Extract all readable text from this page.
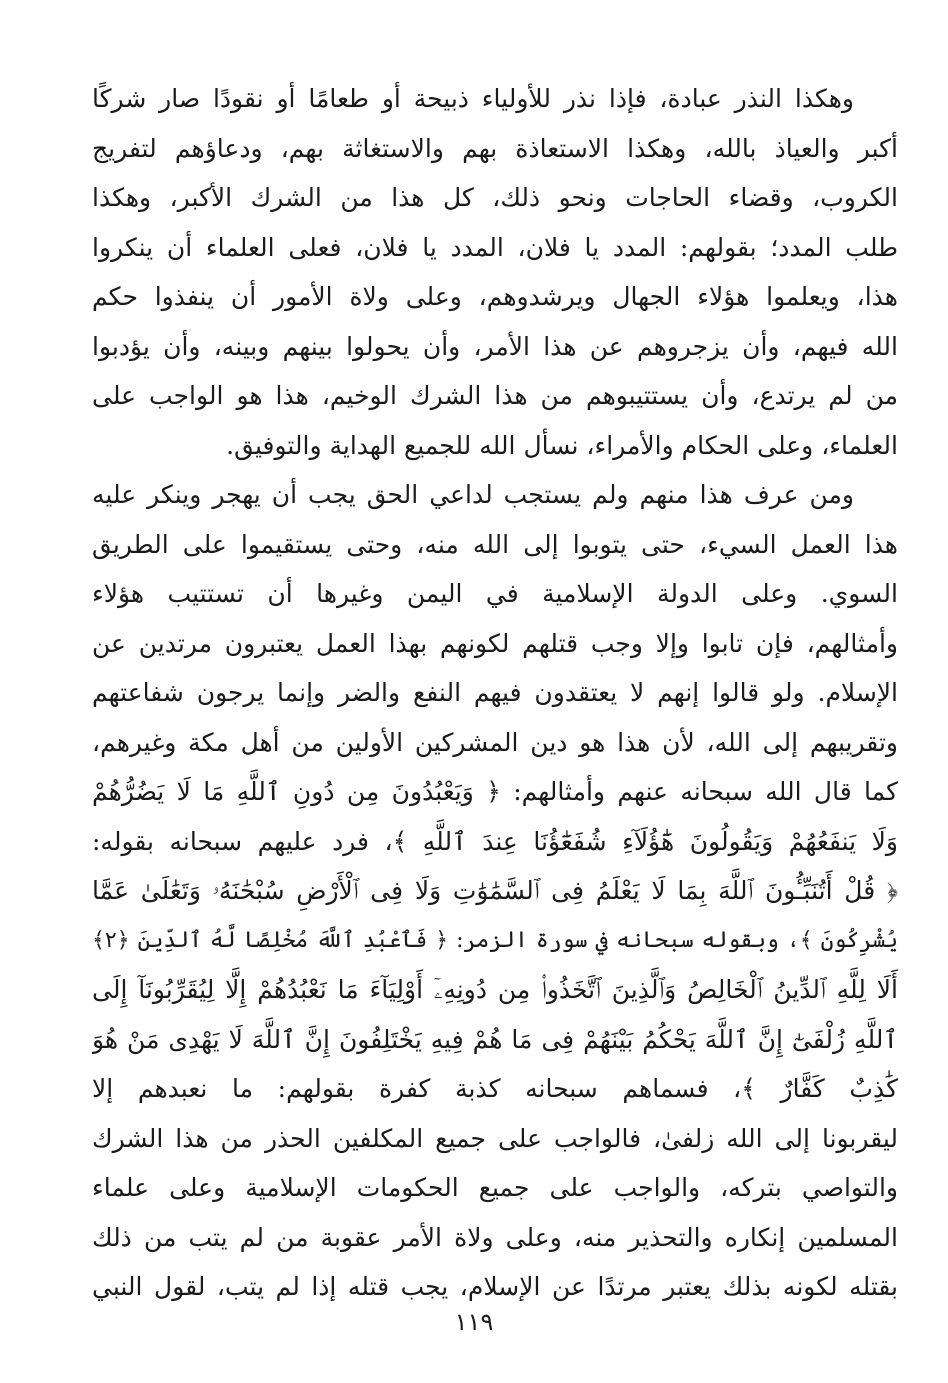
وهكذا النذر عبادة، فإذا نذر للأولياء ذبيحة أو طعامًا أو نقودًا صار شركًا
أكبر والعياذ بالله، وهكذا الاستعاذة بهم والاستغاثة بهم، ودعاؤهم لتفريج
الكروب، وقضاء الحاجات ونحو ذلك، كل هذا من الشرك الأكبر، وهكذا
طلب المدد؛ بقولهم: المدد يا فلان، المدد يا فلان، فعلى العلماء أن ينكروا
هذا، ويعلموا هؤلاء الجهال ويرشدوهم، وعلى ولاة الأمور أن ينفذوا حكم
الله فيهم، وأن يزجروهم عن هذا الأمر، وأن يحولوا بينهم وبينه، وأن يؤدبوا
من لم يرتدع، وأن يستتيبوهم من هذا الشرك الوخيم، هذا هو الواجب على
العلماء، وعلى الحكام والأمراء، نسأل الله للجميع الهداية والتوفيق.
ومن عرف هذا منهم ولم يستجب لداعي الحق يجب أن يهجر وينكر عليه
هذا العمل السيء، حتى يتوبوا إلى الله منه، وحتى يستقيموا على الطريق
السوي. وعلى الدولة الإسلامية في اليمن وغيرها أن تستتيب هؤلاء
وأمثالهم، فإن تابوا وإلا وجب قتلهم لكونهم بهذا العمل يعتبرون مرتدين عن
الإسلام. ولو قالوا إنهم لا يعتقدون فيهم النفع والضر وإنما يرجون شفاعتهم
وتقريبهم إلى الله، لأن هذا هو دين المشركين الأولين من أهل مكة وغيرهم،
كما قال الله سبحانه عنهم وأمثالهم: ﴿ وَيَعْبُدُونَ مِن دُونِ ٱللَّهِ مَا لَا يَضُرُّهُمْ
وَلَا يَنفَعُهُمْ وَيَقُولُونَ هَٰٓؤُلَآءِ شُفَعَٰٓؤُنَا عِندَ ٱللَّهِ ﴾، فرد عليهم سبحانه بقوله:
﴿ قُلْ أَتُنَبِّـُٔونَ ٱللَّهَ بِمَا لَا يَعْلَمُ فِى ٱلسَّمَٰوَٰتِ وَلَا فِى ٱلْأَرْضِ سُبْحَٰنَهُۥ وَتَعَٰلَىٰ عَمَّا
يُشْرِكُونَ ﴾، وبقوله سبحانه في سورة الزمر: ﴿ فَٱعْبُدِ ٱللَّهَ مُخْلِصًا لَّهُ ٱلدِّينَ ﴿٢﴾
أَلَا لِلَّهِ ٱلدِّينُ ٱلْخَالِصُ وَٱلَّذِينَ ٱتَّخَذُوا۟ مِن دُونِهِۦٓ أَوْلِيَآءَ مَا نَعْبُدُهُمْ إِلَّا لِيُقَرِّبُونَآ إِلَى
ٱللَّهِ زُلْفَىٰٓ إِنَّ ٱللَّهَ يَحْكُمُ بَيْنَهُمْ فِى مَا هُمْ فِيهِ يَخْتَلِفُونَ إِنَّ ٱللَّهَ لَا يَهْدِى مَنْ هُوَ
كَٰذِبٌ كَفَّارٌ ﴾، فسماهم سبحانه كذبة كفرة بقولهم: ما نعبدهم إلا
ليقربونا إلى الله زلفىٰ، فالواجب على جميع المكلفين الحذر من هذا الشرك
والتواصي بتركه، والواجب على جميع الحكومات الإسلامية وعلى علماء
المسلمين إنكاره والتحذير منه، وعلى ولاة الأمر عقوبة من لم يتب من ذلك
بقتله لكونه بذلك يعتبر مرتدًا عن الإسلام، يجب قتله إذا لم يتب، لقول النبي
١١٩
